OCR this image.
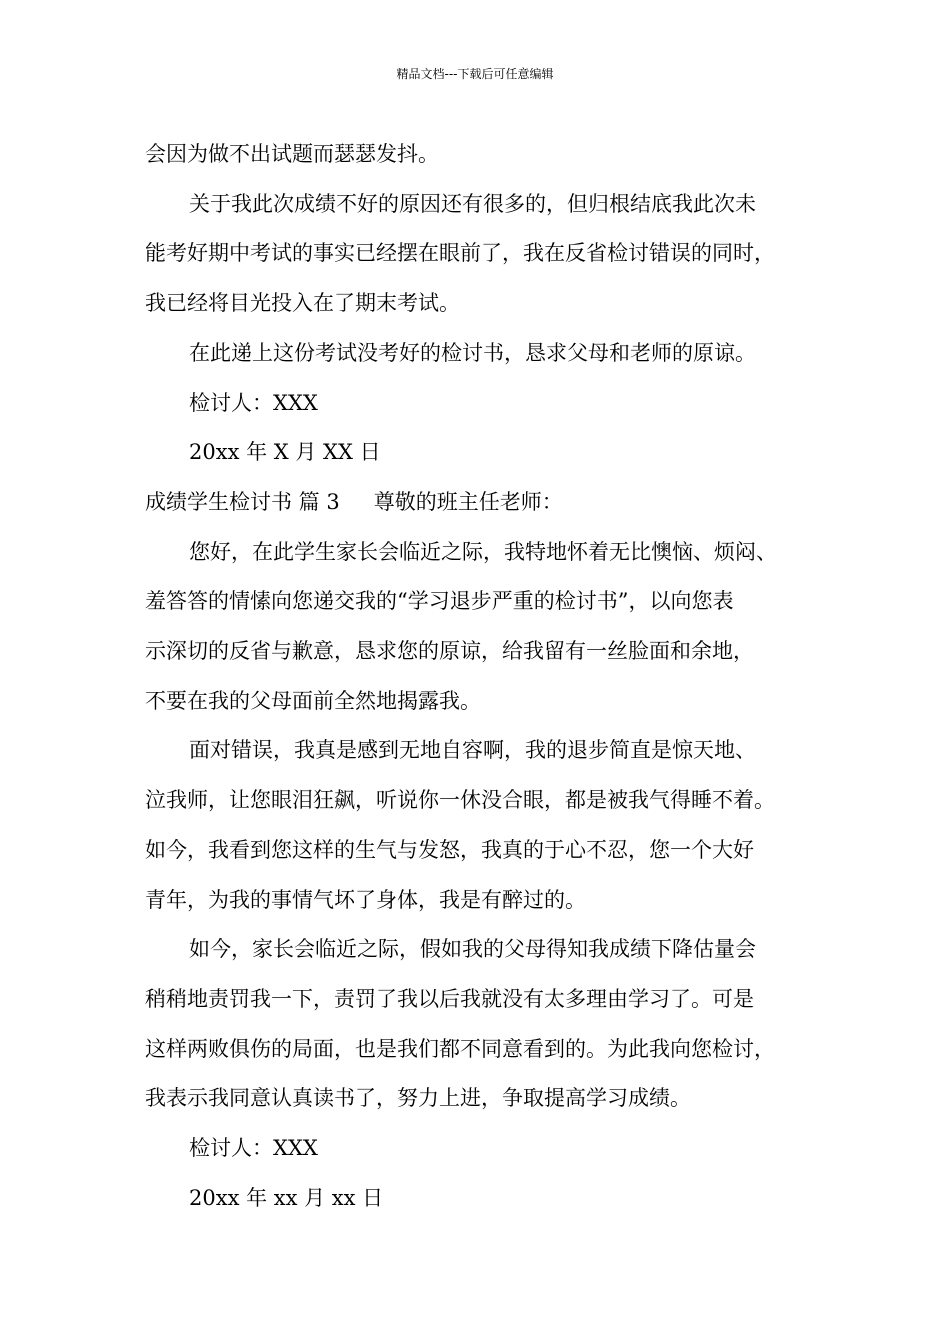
精品文档---下载后可任意编辑

会因为做不出试题而瑟瑟发抖。

关于我此次成绩不好的原因还有很多的，但归根结底我此次未
能考好期中考试的事实已经摆在眼前了，我在反省检讨错误的同时，
我已经将目光投入在了期末考试。

在此递上这份考试没考好的检讨书，恳求父母和老师的原谅。

检讨人：XXX

20xx 年 X 月 XX 日

成绩学生检讨书 篇 3 尊敬的班主任老师：

您好，在此学生家长会临近之际，我特地怀着无比懊恼、烦闷、
羞答答的情愫向您递交我的“学习退步严重的检讨书”，以向您表
示深切的反省与歉意，恳求您的原谅，给我留有一丝脸面和余地，
不要在我的父母面前全然地揭露我。

面对错误，我真是感到无地自容啊，我的退步简直是惊天地、
泣我师，让您眼泪狂飙，听说你一休没合眼，都是被我气得睡不着。
如今，我看到您这样的生气与发怒，我真的于心不忍，您一个大好
青年，为我的事情气坏了身体，我是有醉过的。

如今，家长会临近之际，假如我的父母得知我成绩下降估量会
稍稍地责罚我一下，责罚了我以后我就没有太多理由学习了。可是
这样两败俱伤的局面，也是我们都不同意看到的。为此我向您检讨，
我表示我同意认真读书了，努力上进，争取提高学习成绩。

检讨人：XXX

20xx 年 xx 月 xx 日
